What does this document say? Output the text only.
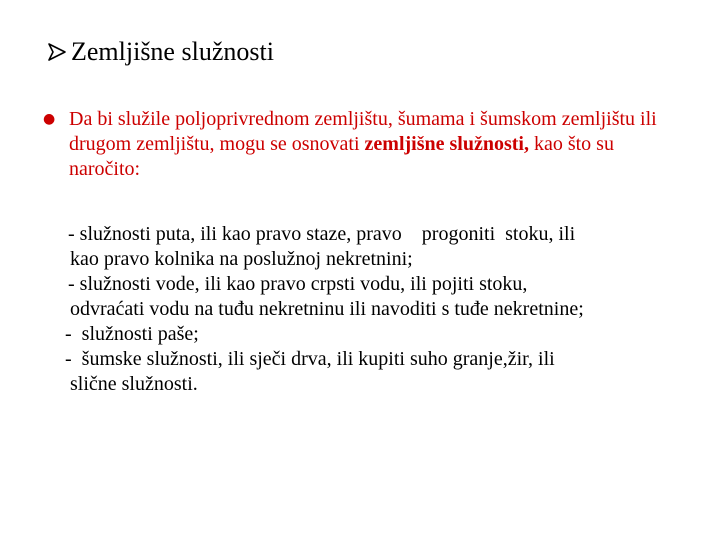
Zemljišne služnosti
● Da bi služile poljoprivrednom zemljištu, šumama i šumskom zemljištu ili drugom zemljištu, mogu se osnovati zemljišne služnosti, kao što su naročito:
- služnosti puta, ili kao pravo staze, pravo    progoniti  stoku, ili
kao pravo kolnika na poslužnoj nekretnini;
- služnosti vode, ili kao pravo crpsti vodu, ili pojiti stoku,
odvraćati vodu na tuđu nekretninu ili navoditi s tuđe nekretnine;
-  služnosti paše;
-  šumske služnosti, ili sječi drva, ili kupiti suho granje,žir, ili
slične služnosti.
